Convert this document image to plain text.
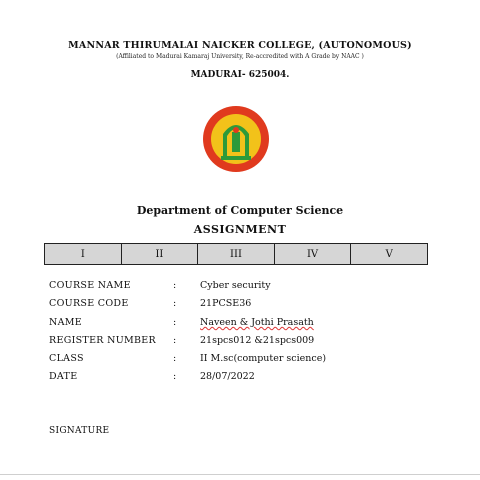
MANNAR THIRUMALAI NAICKER COLLEGE, (AUTONOMOUS)
(Affiliated to Madurai Kamaraj University, Re-accredited with A Grade by NAAC )
MADURAI- 625004.
Department of Computer Science
ASSIGNMENT
I	II	III	IV	V
COURSE NAME	:	Cyber security
COURSE CODE	:	21PCSE36
NAME	:	Naveen & Jothi Prasath
REGISTER NUMBER	:	21spcs012 &21spcs009
CLASS	:	II M.sc(computer science)
DATE	:	28/07/2022
SIGNATURE
